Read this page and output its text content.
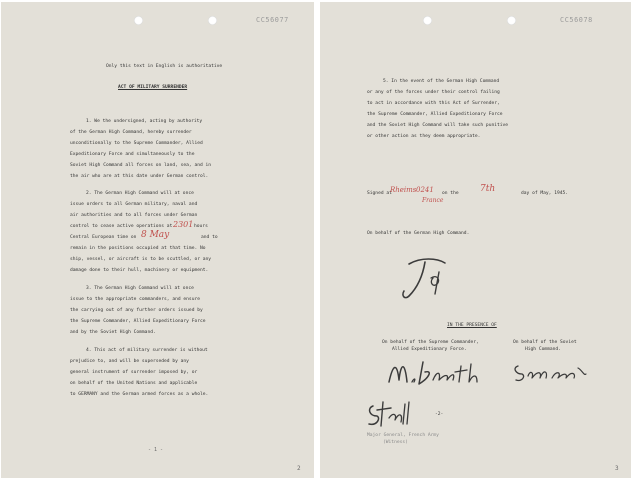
CC56077
Only this text in English is authoritative
ACT OF MILITARY SURRENDER
1. We the undersigned, acting by authority
of the German High Command, hereby surrender
unconditionally to the Supreme Commander, Allied
Expeditionary Force and simultaneously to the
Soviet High Command all forces on land, sea, and in
the air who are at this date under German control.
2. The German High Command will at once
issue orders to all German military, naval and
air authorities and to all forces under German
control to cease active operations at 2301 hours
Central European time on 8 May	and to
remain in the positions occupied at that time. No
ship, vessel, or aircraft is to be scuttled, or any
damage done to their hull, machinery or equipment.
3. The German High Command will at once
issue to the appropriate commanders, and ensure
the carrying out of any further orders issued by
the Supreme Commander, Allied Expeditionary Force
and by the Soviet High Command.
4. This act of military surrender is without
prejudice to, and will be superseded by any
general instrument of surrender imposed by, or
on behalf of the United Nations and applicable
to GERMANY and the German armed forces as a whole.
- 1 -
2
CC56078
5. In the event of the German High Command
or any of the forces under their control failing
to act in accordance with this Act of Surrender,
the Supreme Commander, Allied Expeditionary Force
and the Soviet High Command will take such punitive
or other action as they deem appropriate.
Signed at
Rheims 0241
France
on the 7th	day of May, 1945.
On behalf of the German High Command.
IN THE PRESENCE OF
On behalf of the Supreme Commander,
Allied Expeditionary Force.
On behalf of the Soviet
High Command.
-2-
Major General, French Army
(Witness)
3
